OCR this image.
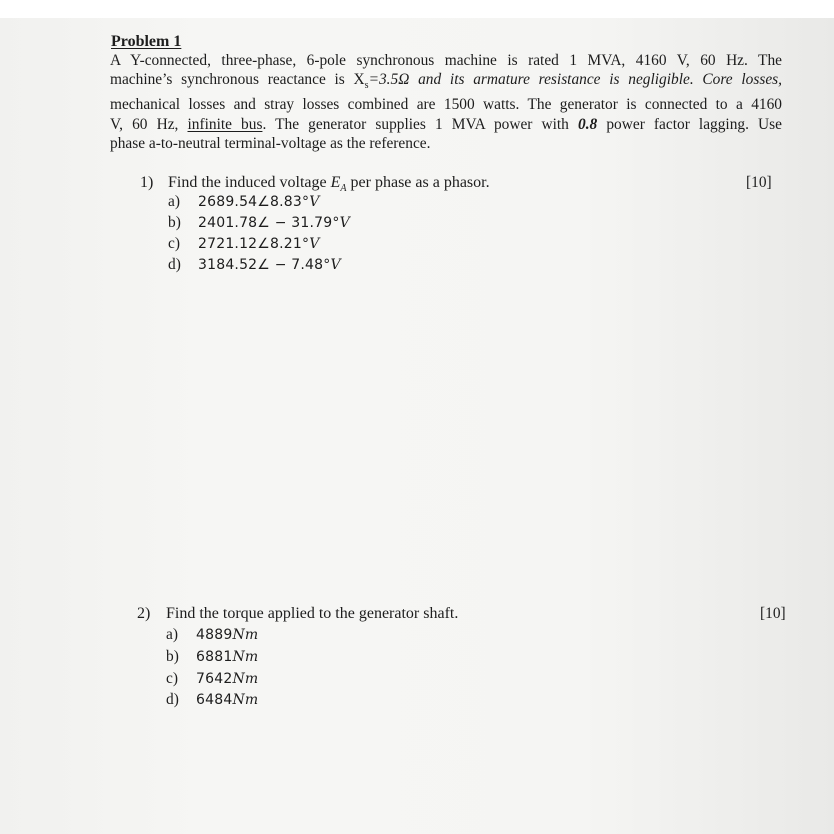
Problem 1

A Y-connected, three-phase, 6-pole synchronous machine is rated 1 MVA, 4160 V, 60 Hz. The
machine’s synchronous reactance is $X_s=3.5\Omega$ and its armature resistance is negligible. Core losses,
mechanical losses and stray losses combined are 1500 watts. The generator is connected to a 4160
V, 60 Hz, infinite bus. The generator supplies 1 MVA power with 0.8 power factor lagging. Use
phase a-to-neutral terminal-voltage as the reference.

1) Find the induced voltage $E_A$ per phase as a phasor.	[10]
a) 2689.54∠8.83°V
b) 2401.78∠ − 31.79°V
c) 2721.12∠8.21°V
d) 3184.52∠ − 7.48°V
2) Find the torque applied to the generator shaft.	[10]
a) 4889Nm
b) 6881Nm
c) 7642Nm
d) 6484Nm
